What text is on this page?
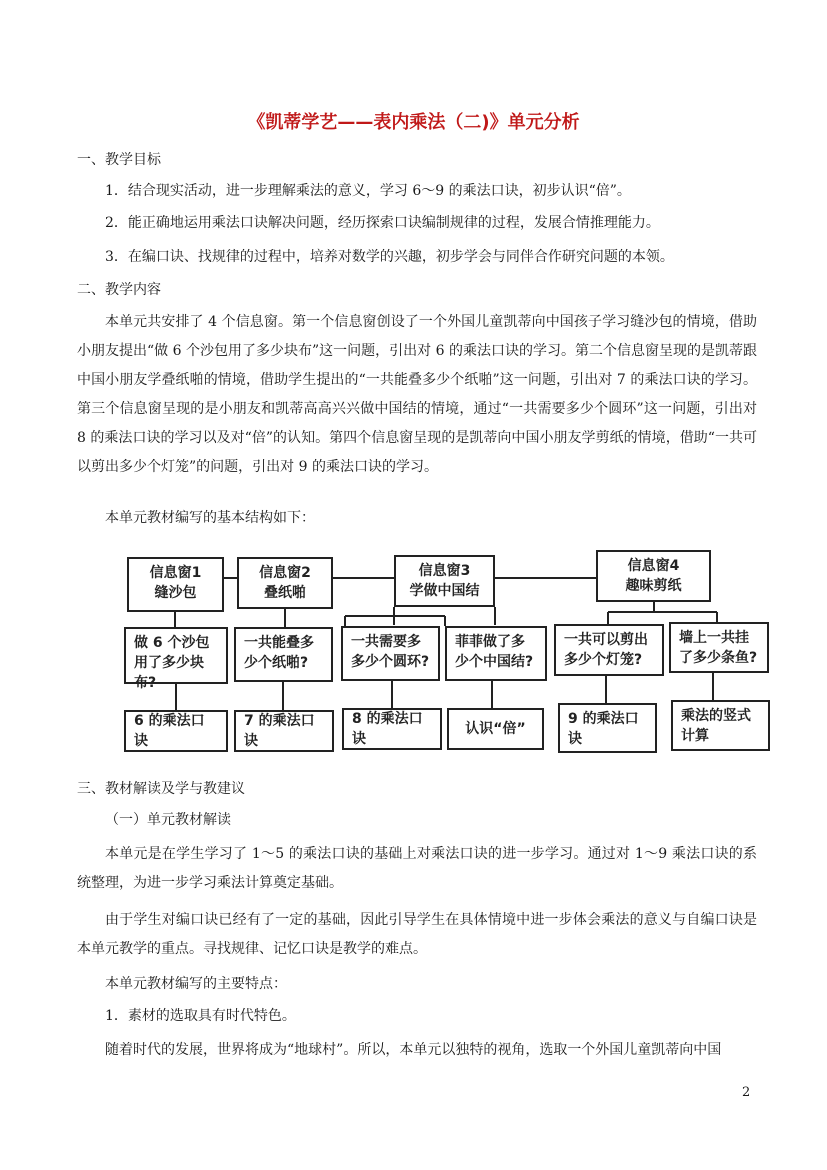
《凯蒂学艺——表内乘法（二)》单元分析
一、教学目标
1．结合现实活动，进一步理解乘法的意义，学习 6～9 的乘法口诀，初步认识“倍”。
2．能正确地运用乘法口诀解决问题，经历探索口诀编制规律的过程，发展合情推理能力。
3．在编口诀、找规律的过程中，培养对数学的兴趣，初步学会与同伴合作研究问题的本领。
二、教学内容
本单元共安排了 4 个信息窗。第一个信息窗创设了一个外国儿童凯蒂向中国孩子学习缝沙包的情境，借助小朋友提出“做 6 个沙包用了多少块布”这一问题，引出对 6 的乘法口诀的学习。第二个信息窗呈现的是凯蒂跟中国小朋友学叠纸啪的情境，借助学生提出的“一共能叠多少个纸啪”这一问题，引出对 7 的乘法口诀的学习。第三个信息窗呈现的是小朋友和凯蒂高高兴兴做中国结的情境，通过“一共需要多少个圆环”这一问题，引出对 8 的乘法口诀的学习以及对“倍”的认知。第四个信息窗呈现的是凯蒂向中国小朋友学剪纸的情境，借助“一共可以剪出多少个灯笼”的问题，引出对 9 的乘法口诀的学习。
本单元教材编写的基本结构如下：
信息窗1
缝沙包
信息窗2
叠纸啪
信息窗3
学做中国结
信息窗4
趣味剪纸
做 6 个沙包用了多少块布?
一共能叠多少个纸啪?
一共需要多多少个圆环?
菲菲做了多少个中国结?
一共可以剪出多少个灯笼?
墙上一共挂了多少条鱼?
6 的乘法口诀
7 的乘法口诀
8 的乘法口诀
认识“倍”
9 的乘法口诀
乘法的竖式计算
三、教材解读及学与教建议
（一）单元教材解读
本单元是在学生学习了 1～5 的乘法口诀的基础上对乘法口诀的进一步学习。通过对 1～9 乘法口诀的系统整理，为进一步学习乘法计算奠定基础。
由于学生对编口诀已经有了一定的基础，因此引导学生在具体情境中进一步体会乘法的意义与自编口诀是本单元教学的重点。寻找规律、记忆口诀是教学的难点。
本单元教材编写的主要特点：
1．素材的选取具有时代特色。
随着时代的发展，世界将成为“地球村”。所以，本单元以独特的视角，选取一个外国儿童凯蒂向中国
2
